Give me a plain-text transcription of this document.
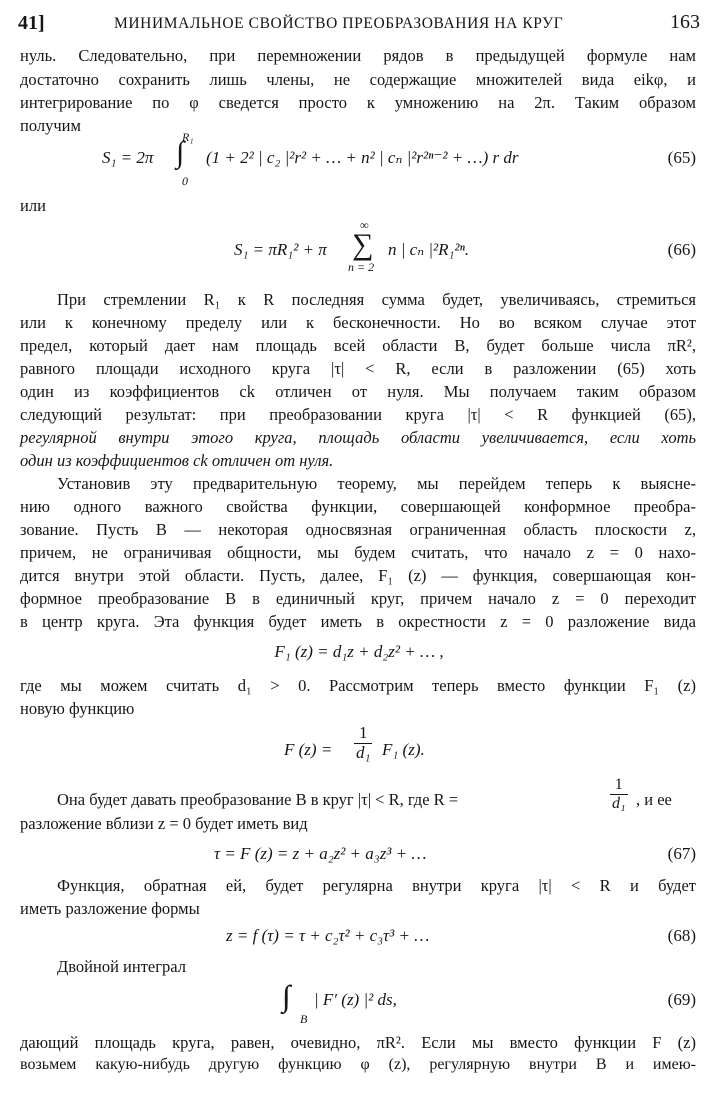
41]	МИНИМАЛЬНОЕ СВОЙСТВО ПРЕОБРАЗОВАНИЯ НА КРУГ	163
нуль. Следовательно, при перемножении рядов в предыдущей формуле нам
достаточно сохранить лишь члены, не содержащие множителей вида eikφ, и
интегрирование по φ сведется просто к умножению на 2π. Таким образом
получим
S₁ = 2π ∫
R₁
0
(1 + 2² | c₂ |²r² + … + n² | cₙ |²r²ⁿ⁻² + …) r dr	(65)
или
S₁ = πR₁² + π ∑
∞
n = 2
n | cₙ |²R₁²ⁿ.	(66)
При стремлении R₁ к R последняя сумма будет, увеличиваясь, стремиться
или к конечному пределу или к бесконечности. Но во всяком случае этот
предел, который дает нам площадь всей области B, будет больше числа πR²,
равного площади исходного круга |τ| < R, если в разложении (65) хоть
один из коэффициентов ck отличен от нуля. Мы получаем таким образом
следующий результат: при преобразовании круга |τ| < R функцией (65),
регулярной внутри этого круга, площадь области увеличивается, если хоть
один из коэффициентов ck отличен от нуля.
Установив эту предварительную теорему, мы перейдем теперь к выясне-
нию одного важного свойства функции, совершающей конформное преобра-
зование. Пусть B — некоторая односвязная ограниченная область плоскости z,
причем, не ограничивая общности, мы будем считать, что начало z = 0 нахо-
дится внутри этой области. Пусть, далее, F₁ (z) — функция, совершающая кон-
формное преобразование B в единичный круг, причем начало z = 0 переходит
в центр круга. Эта функция будет иметь в окрестности z = 0 разложение вида
F₁ (z) = d₁z + d₂z² + … ,
где мы можем считать d₁ > 0. Рассмотрим теперь вместо функции F₁ (z)
новую функцию
F $(z) = \frac{1}{\text{d₁}} F_1$ (z).
Она будет давать преобразование B в круг |τ| < R, где R =	$\frac{1}{\text{d₁}}$ , и ее
разложение вблизи z = 0 будет иметь вид
τ = F (z) = z + a₂z² + a₃z³ + …	(67)
Функция, обратная ей, будет регулярна внутри круга |τ| < R и будет
иметь разложение формы
z = f (τ) = τ + c₂τ² + c₃τ³ + …	(68)
Двойной интеграл
∫∫
B
| F′ (z) |² ds,	(69)
дающий площадь круга, равен, очевидно, πR². Если мы вместо функции F (z)
возьмем какую-нибудь другую функцию φ (z), регулярную внутри B и имею-
